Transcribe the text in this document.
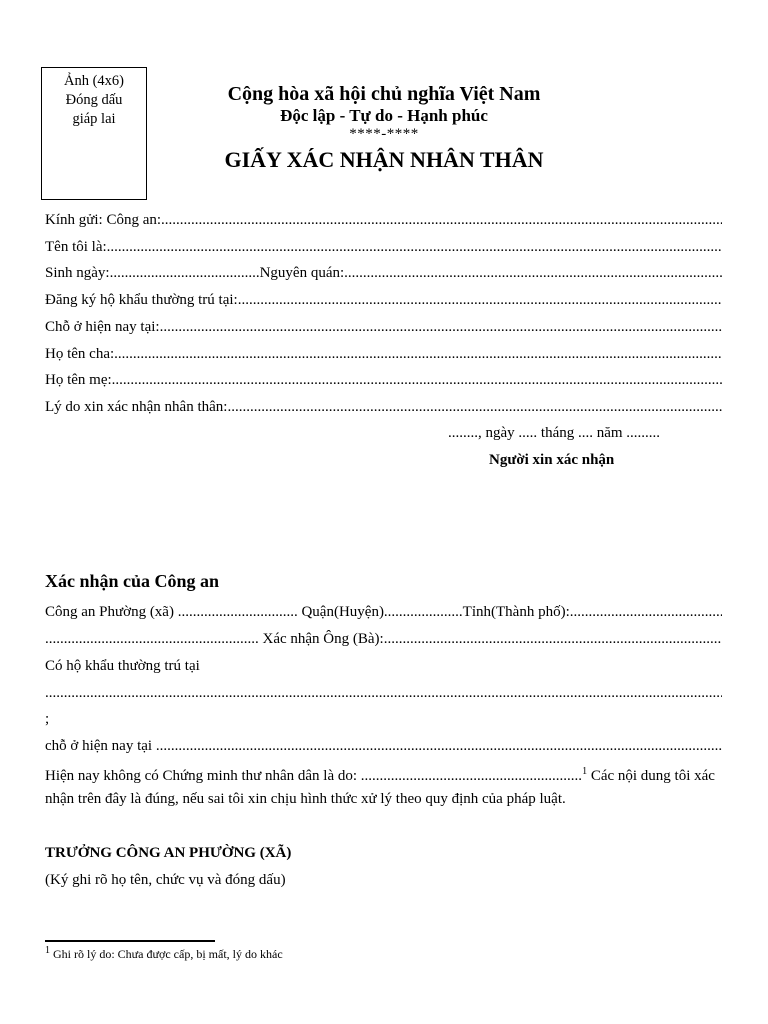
Ảnh (4x6)
Đóng dấu
giáp lai
Cộng hòa xã hội chủ nghĩa Việt Nam
Độc lập - Tự do - Hạnh phúc
****-****
GIẤY XÁC NHẬN NHÂN THÂN
Kính gửi: Công an: .....
Tên tôi là: .....
Sinh ngày:........................................Nguyên quán: .....
Đăng ký hộ khẩu thường trú tại: .....
Chỗ ở hiện nay tại: .....
Họ tên cha: .....
Họ tên mẹ: .....
Lý do xin xác nhận nhân thân: .....
........, ngày ..... tháng .... năm .........
Người xin xác nhận
Xác nhận của Công an
Công an Phường (xã) ................................ Quận(Huyện).....................Tỉnh(Thành phố): .....
......................................................... Xác nhận Ông (Bà): .....
Có hộ khẩu thường trú tại
.....
;
chỗ ở hiện nay tại .....
Hiện nay không có Chứng minh thư nhân dân là do: ...........................................................$^1$ Các nội dung tôi xác
nhận trên đây là đúng, nếu sai tôi xin chịu hình thức xử lý theo quy định của pháp luật.
TRƯỞNG CÔNG AN PHƯỜNG (XÃ)
(Ký ghi rõ họ tên, chức vụ và đóng dấu)
$^1$ Ghi rõ lý do: Chưa được cấp, bị mất, lý do khác
